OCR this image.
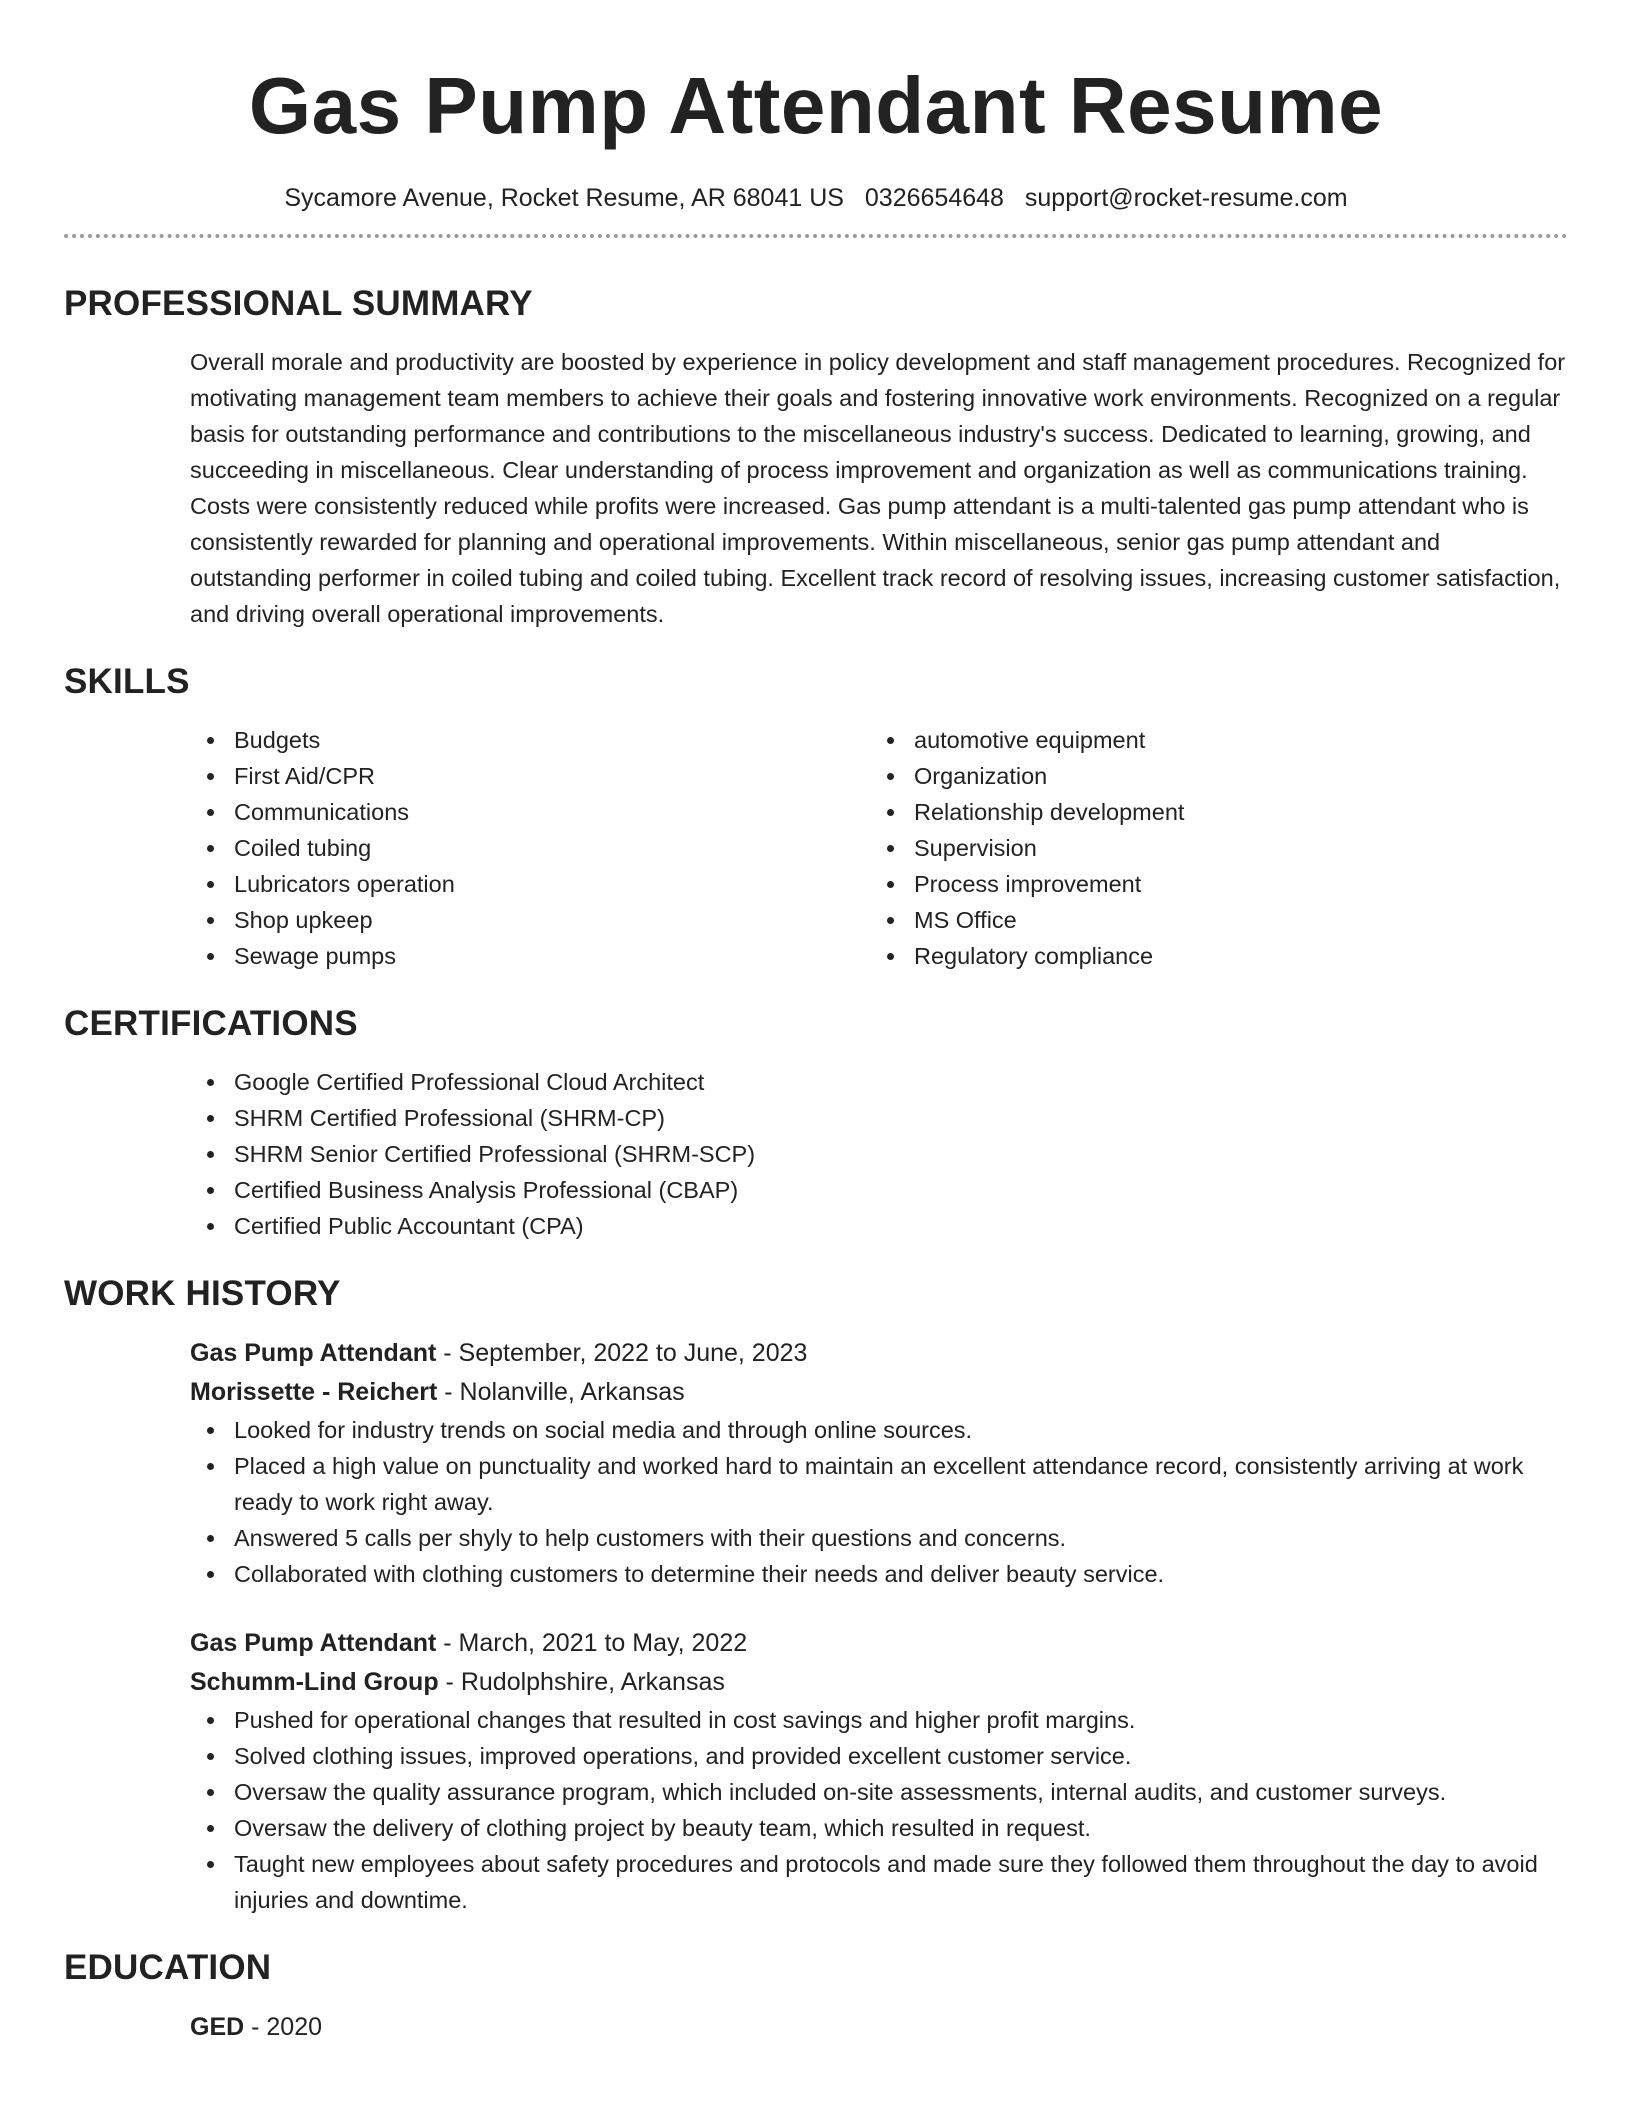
Gas Pump Attendant Resume
Sycamore Avenue, Rocket Resume, AR 68041 US 0326654648 support@rocket-resume.com
PROFESSIONAL SUMMARY

Overall morale and productivity are boosted by experience in policy development and staff management procedures. Recognized for motivating management team members to achieve their goals and fostering innovative work environments. Recognized on a regular basis for outstanding performance and contributions to the miscellaneous industry's success. Dedicated to learning, growing, and succeeding in miscellaneous. Clear understanding of process improvement and organization as well as communications training. Costs were consistently reduced while profits were increased. Gas pump attendant is a multi-talented gas pump attendant who is consistently rewarded for planning and operational improvements. Within miscellaneous, senior gas pump attendant and outstanding performer in coiled tubing and coiled tubing. Excellent track record of resolving issues, increasing customer satisfaction, and driving overall operational improvements.

SKILLS
Budgets
First Aid/CPR
Communications
Coiled tubing
Lubricators operation
Shop upkeep
Sewage pumps
automotive equipment
Organization
Relationship development
Supervision
Process improvement
MS Office
Regulatory compliance
CERTIFICATIONS
Google Certified Professional Cloud Architect
SHRM Certified Professional (SHRM-CP)
SHRM Senior Certified Professional (SHRM-SCP)
Certified Business Analysis Professional (CBAP)
Certified Public Accountant (CPA)
WORK HISTORY
Gas Pump Attendant - September, 2022 to June, 2023
Morissette - Reichert - Nolanville, Arkansas
Looked for industry trends on social media and through online sources.
Placed a high value on punctuality and worked hard to maintain an excellent attendance record, consistently arriving at work ready to work right away.
Answered 5 calls per shyly to help customers with their questions and concerns.
Collaborated with clothing customers to determine their needs and deliver beauty service.
Gas Pump Attendant - March, 2021 to May, 2022
Schumm-Lind Group - Rudolphshire, Arkansas
Pushed for operational changes that resulted in cost savings and higher profit margins.
Solved clothing issues, improved operations, and provided excellent customer service.
Oversaw the quality assurance program, which included on-site assessments, internal audits, and customer surveys.
Oversaw the delivery of clothing project by beauty team, which resulted in request.
Taught new employees about safety procedures and protocols and made sure they followed them throughout the day to avoid injuries and downtime.
EDUCATION
GED - 2020
